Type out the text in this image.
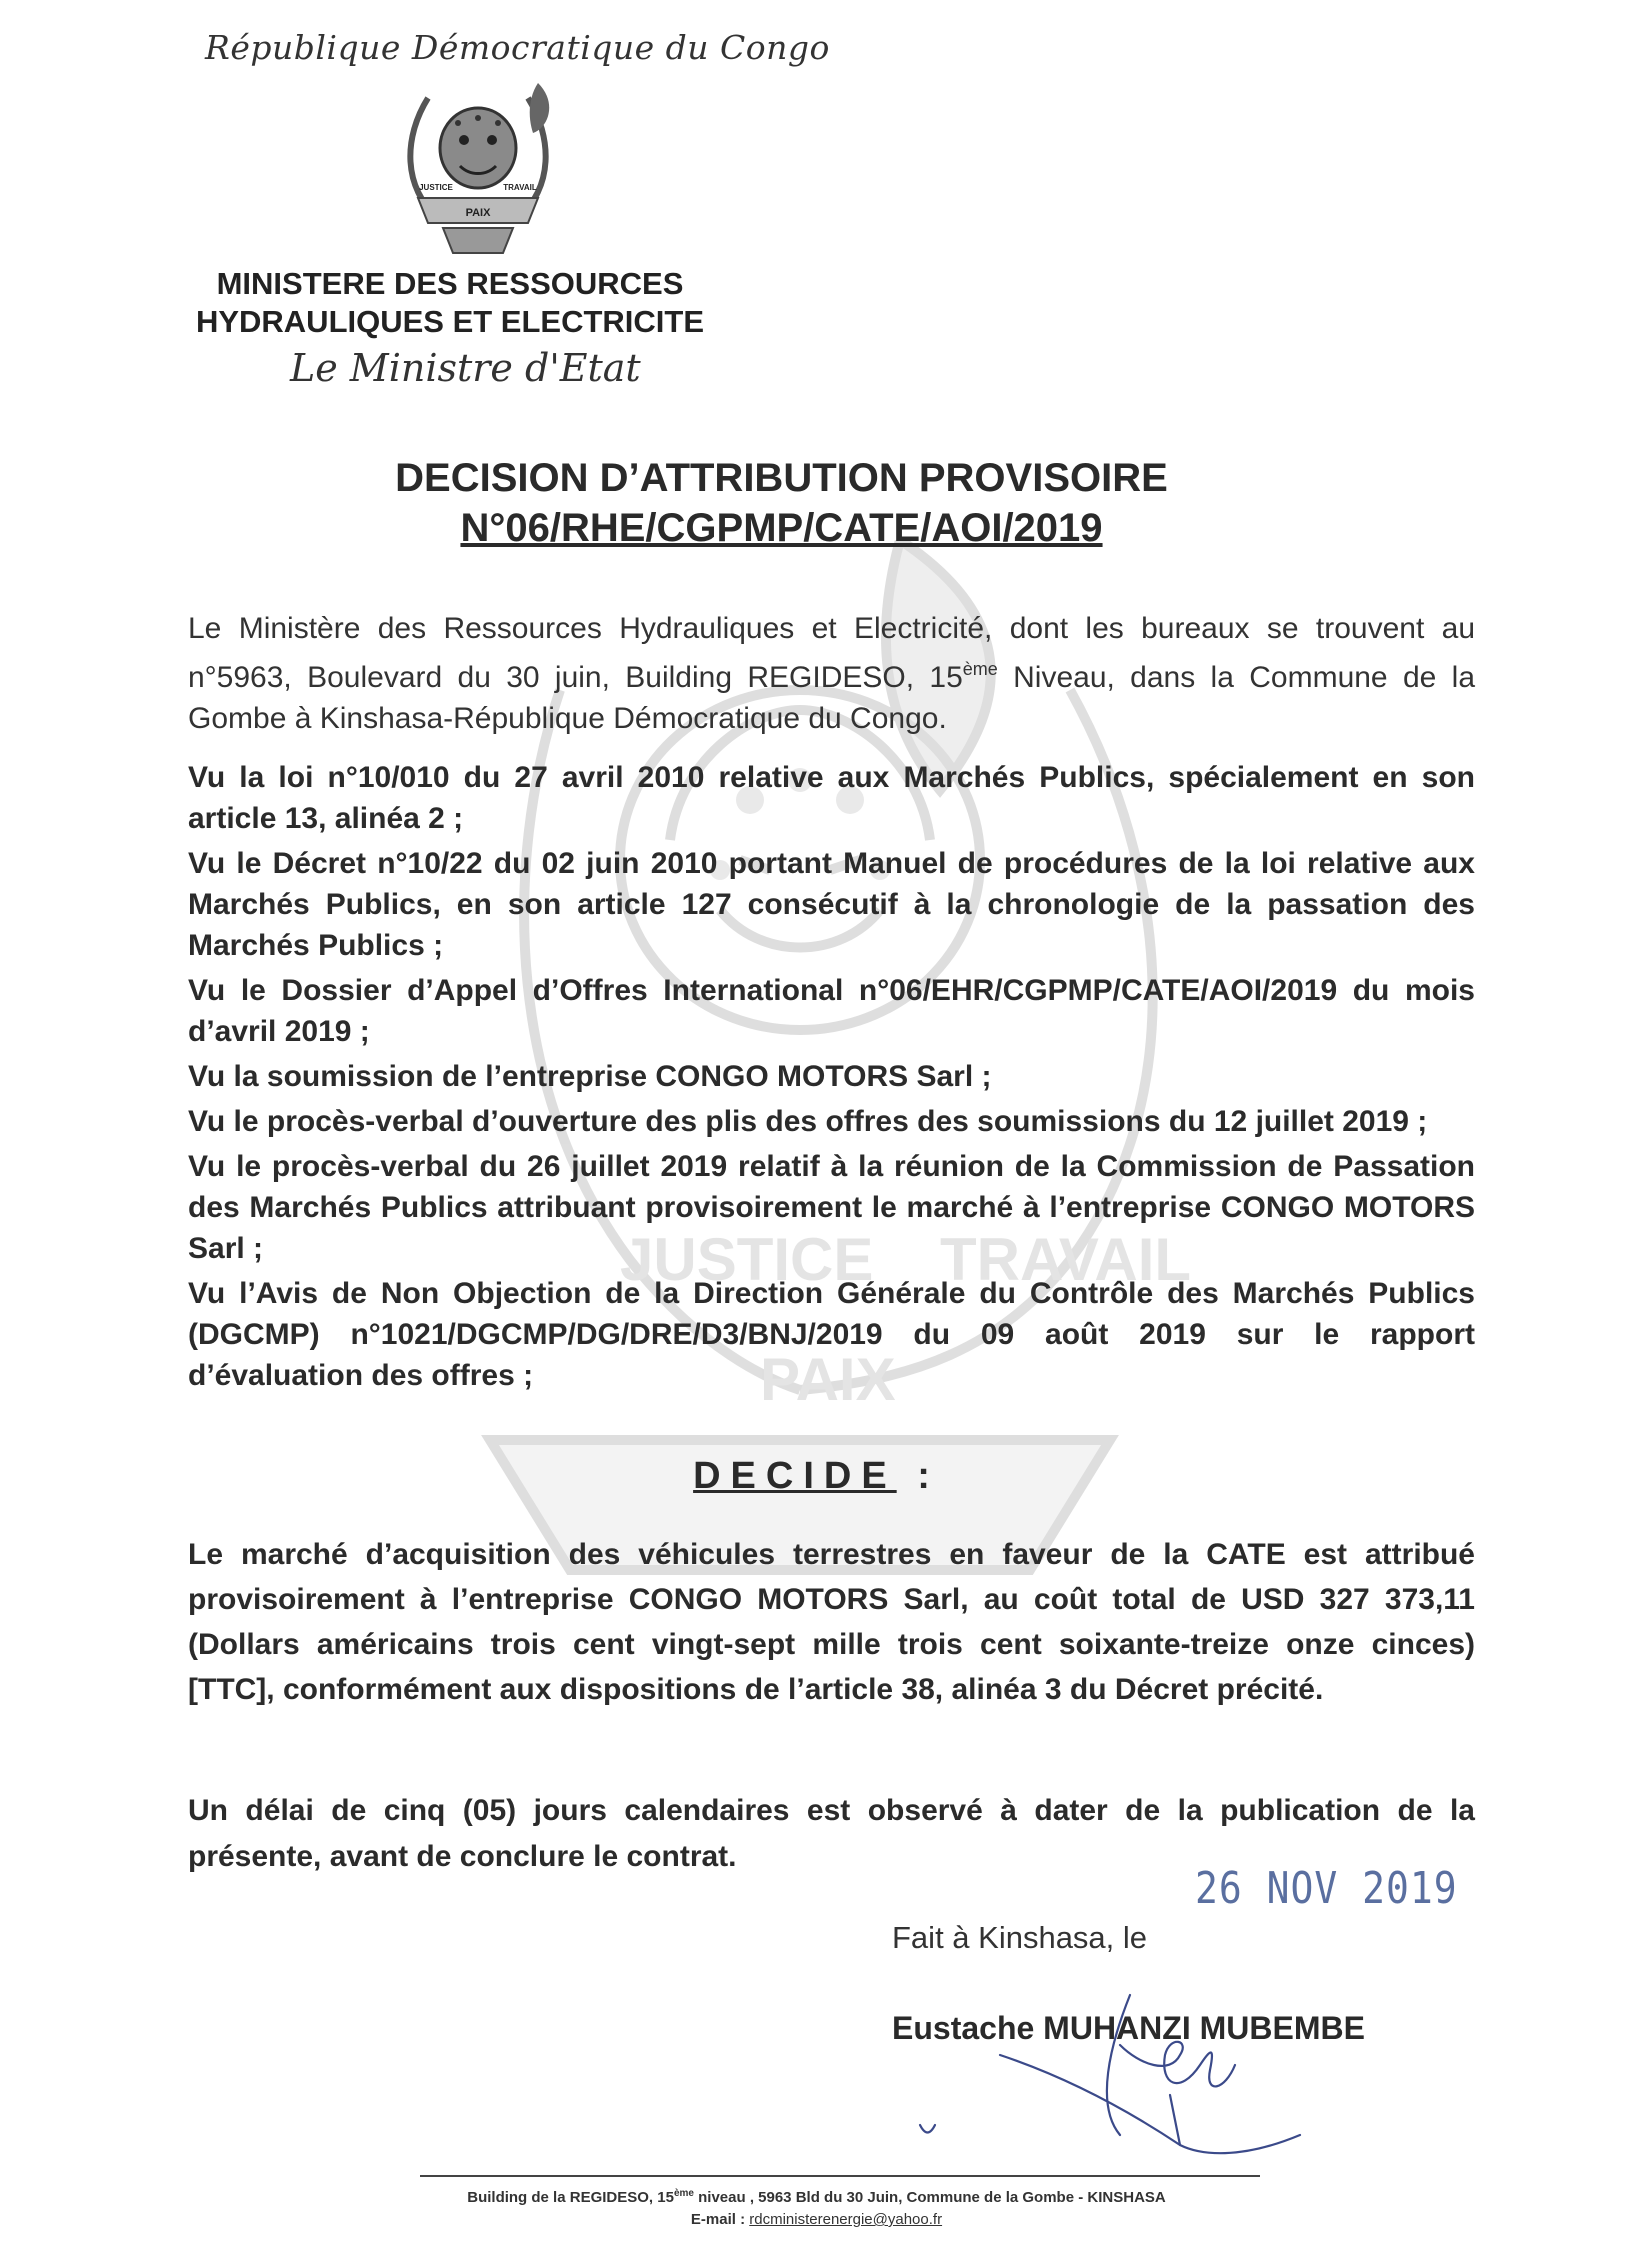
JUSTICE
PAIX
TRAVAIL
République Démocratique du Congo
PAIX
JUSTICE	TRAVAIL
MINISTERE DES RESSOURCES
HYDRAULIQUES ET ELECTRICITE
Le Ministre d'Etat
DECISION D’ATTRIBUTION PROVISOIRE
N°06/RHE/CGPMP/CATE/AOI/2019

Le Ministère des Ressources Hydrauliques et Electricité, dont les bureaux se trouvent au n°5963, Boulevard du 30 juin, Building REGIDESO, 15ème Niveau, dans la Commune de la Gombe à Kinshasa-République Démocratique du Congo.

Vu la loi n°10/010 du 27 avril 2010 relative aux Marchés Publics, spécialement en son article 13, alinéa 2 ;

Vu le Décret n°10/22 du 02 juin 2010 portant Manuel de procédures de la loi relative aux Marchés Publics, en son article 127 consécutif à la chronologie de la passation des Marchés Publics ;

Vu le Dossier d’Appel d’Offres International n°06/EHR/CGPMP/CATE/AOI/2019 du mois d’avril 2019 ;

Vu la soumission de l’entreprise CONGO MOTORS Sarl ;

Vu le procès-verbal d’ouverture des plis des offres des soumissions du 12 juillet 2019 ;

Vu le procès-verbal du 26 juillet 2019 relatif à la réunion de la Commission de Passation des Marchés Publics attribuant provisoirement le marché à l’entreprise CONGO MOTORS Sarl ;

Vu l’Avis de Non Objection de la Direction Générale du Contrôle des Marchés Publics (DGCMP) n°1021/DGCMP/DG/DRE/D3/BNJ/2019 du 09 août 2019 sur le rapport d’évaluation des offres ;

DECIDE :
Le marché d’acquisition des véhicules terrestres en faveur de la CATE est attribué provisoirement à l’entreprise CONGO MOTORS Sarl, au coût total de USD 327 373,11 (Dollars américains trois cent vingt-sept mille trois cent soixante-treize onze cinces) [TTC], conformément aux dispositions de l’article 38, alinéa 3 du Décret précité.
Un délai de cinq (05) jours calendaires est observé à dater de la publication de la présente, avant de conclure le contrat.
26 NOV 2019
Fait à Kinshasa, le
Eustache MUHANZI MUBEMBE
Building de la REGIDESO, 15ème niveau , 5963 Bld du 30 Juin, Commune de la Gombe - KINSHASA
E-mail : rdcministerenergie@yahoo.fr
